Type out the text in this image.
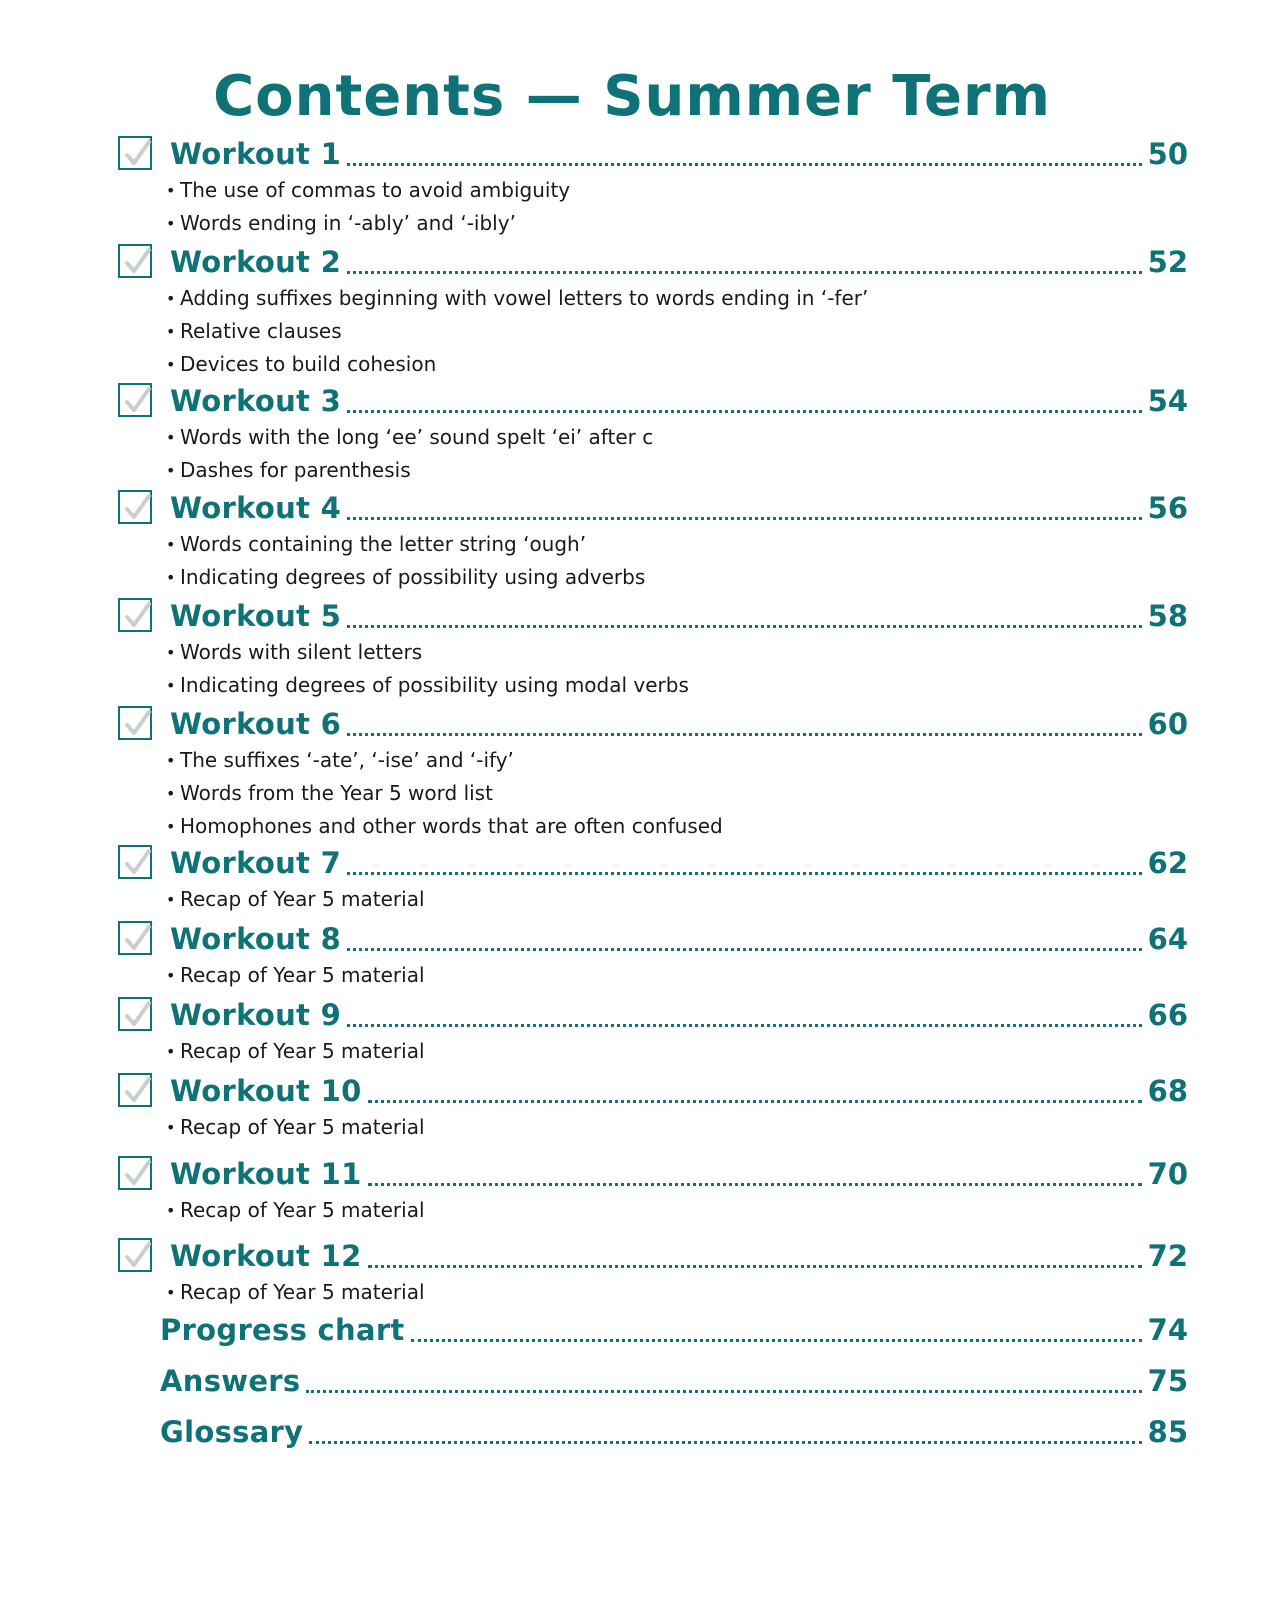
Contents — Summer Term
Workout 1	50
• The use of commas to avoid ambiguity
• Words ending in ‘-ably’ and ‘-ibly’
Workout 2	52
• Adding suffixes beginning with vowel letters to words ending in ‘-fer’
• Relative clauses
• Devices to build cohesion
Workout 3	54
• Words with the long ‘ee’ sound spelt ‘ei’ after c
• Dashes for parenthesis
Workout 4	56
• Words containing the letter string ‘ough’
• Indicating degrees of possibility using adverbs
Workout 5	58
• Words with silent letters
• Indicating degrees of possibility using modal verbs
Workout 6	60
• The suffixes ‘-ate’, ‘-ise’ and ‘-ify’
• Words from the Year 5 word list
• Homophones and other words that are often confused
Workout 7	62
• Recap of Year 5 material
Workout 8	64
• Recap of Year 5 material
Workout 9	66
• Recap of Year 5 material
Workout 10	68
• Recap of Year 5 material
Workout 11	70
• Recap of Year 5 material
Workout 12	72
• Recap of Year 5 material
Progress chart	74
Answers	75
Glossary	85
